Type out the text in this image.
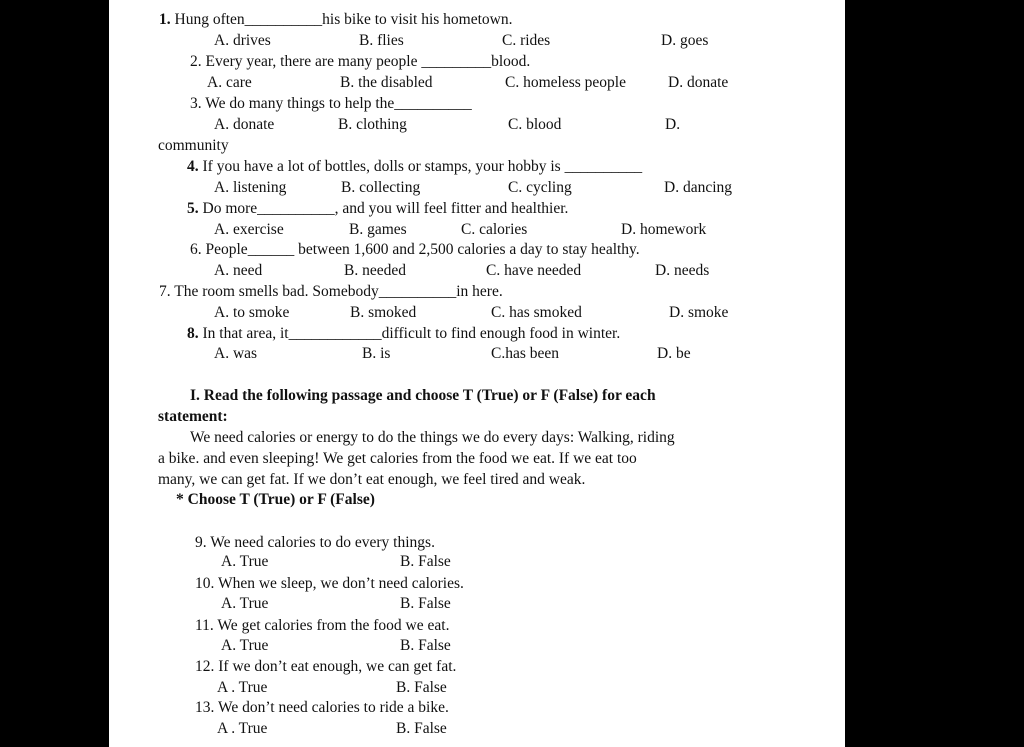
1. Hung often__________his bike to visit his hometown.
A. drives	B. flies	C. rides	D. goes
2. Every year, there are many people _________blood.
A. care	B. the disabled	C. homeless people	D. donate
3. We do many things to help the__________
A. donate	B. clothing	C. blood	D.
community
4. If you have a lot of bottles, dolls or stamps, your hobby is __________
A. listening	B. collecting	C. cycling	D. dancing
5. Do more__________, and you will feel fitter and healthier.
A. exercise	B. games	C. calories	D. homework
6. People______ between 1,600 and 2,500 calories a day to stay healthy.
A. need	B. needed	C. have needed	D. needs
7. The room smells bad. Somebody__________in here.
A. to smoke	B. smoked	C. has smoked	D. smoke
8. In that area, it____________difficult to find enough food in winter.
A. was	B. is	C.has been	D. be
I. Read the following passage and choose T (True) or F (False) for each
statement:
We need calories or energy to do the things we do every days: Walking, riding
a bike. and even sleeping! We get calories from the food we eat. If we eat too
many, we can get fat. If we don’t eat enough, we feel tired and weak.
* Choose T (True) or F (False)
9. We need calories to do every things.
A. True	B. False
10. When we sleep, we don’t need calories.
A. True	B. False
11. We get calories from the food we eat.
A. True	B. False
12. If we don’t eat enough, we can get fat.
A . True	B. False
13. We don’t need calories to ride a bike.
A . True	B. False
